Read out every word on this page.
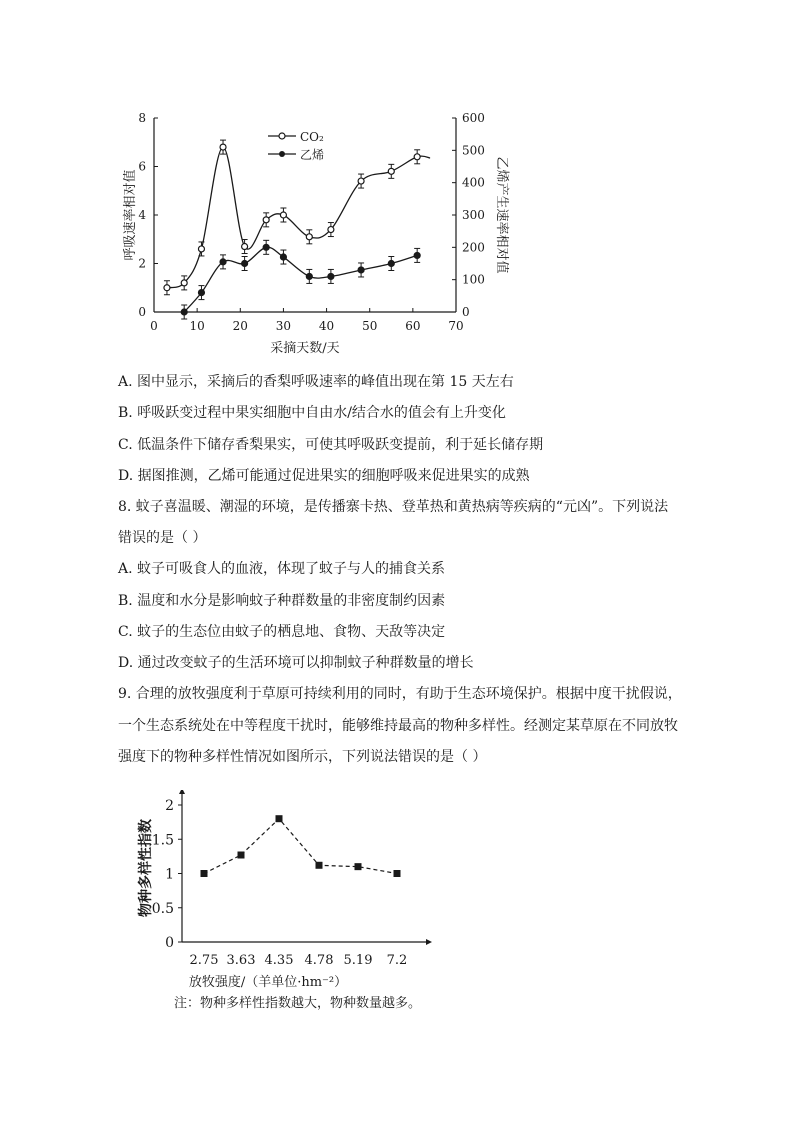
0	10 20 30 40 50 60 70
0
2
4
6
8
0
100
200
300
400
500
600
CO₂
乙烯
呼吸速率相对值	乙烯产生速率相对值
采摘天数/天
A. 图中显示，采摘后的香梨呼吸速率的峰值出现在第 15 天左右
B. 呼吸跃变过程中果实细胞中自由水/结合水的值会有上升变化
C. 低温条件下储存香梨果实，可使其呼吸跃变提前，利于延长储存期
D. 据图推测，乙烯可能通过促进果实的细胞呼吸来促进果实的成熟
8. 蚊子喜温暖、潮湿的环境，是传播寨卡热、登革热和黄热病等疾病的“元凶”。下列说法
错误的是（ ）
A. 蚊子可吸食人的血液，体现了蚊子与人的捕食关系
B. 温度和水分是影响蚊子种群数量的非密度制约因素
C. 蚊子的生态位由蚊子的栖息地、食物、天敌等决定
D. 通过改变蚊子的生活环境可以抑制蚊子种群数量的增长
9. 合理的放牧强度利于草原可持续利用的同时，有助于生态环境保护。根据中度干扰假说，
一个生态系统处在中等程度干扰时，能够维持最高的物种多样性。经测定某草原在不同放牧
强度下的物种多样性情况如图所示，下列说法错误的是（ ）
0
0.5
1
1.5
2
2.75 3.63 4.35 4.78 5.19 7.2
物种多样性指数
放牧强度/（羊单位·hm⁻²）
注：物种多样性指数越大，物种数量越多。
